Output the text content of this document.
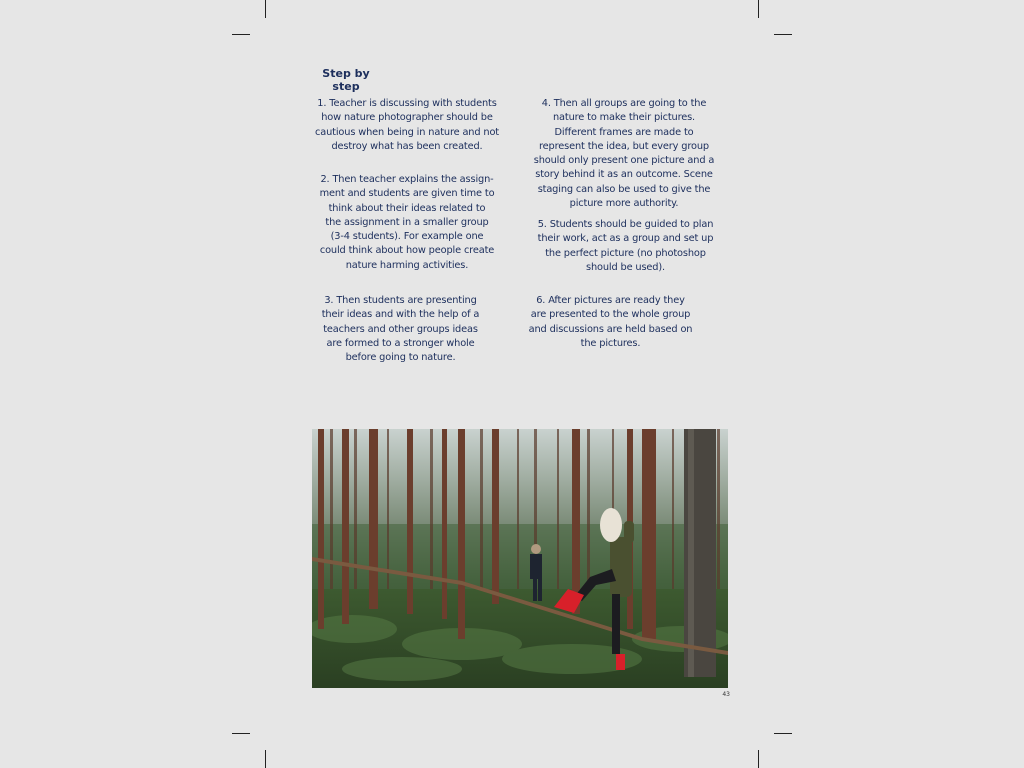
Step by
step
1. Teacher is discussing with students
how nature photographer should be
cautious when being in nature and not
destroy what has been created.
2. Then teacher explains the assign-
ment and students are given time to
think about their ideas related to
the assignment in a smaller group
(3-4 students). For example one
could think about how people create
nature harming activities.
3. Then students are presenting
their ideas and with the help of a
teachers and other groups ideas
are formed to a stronger whole
before going to nature.
4. Then all groups are going to the
nature to make their pictures.
Different frames are made to
represent the idea, but every group
should only present one picture and a
story behind it as an outcome. Scene
staging can also be used to give the
picture more authority.
5. Students should be guided to plan
their work, act as a group and set up
the perfect picture (no photoshop
should be used).
6. After pictures are ready they
are presented to the whole group
and discussions are held based on
the pictures.
43
